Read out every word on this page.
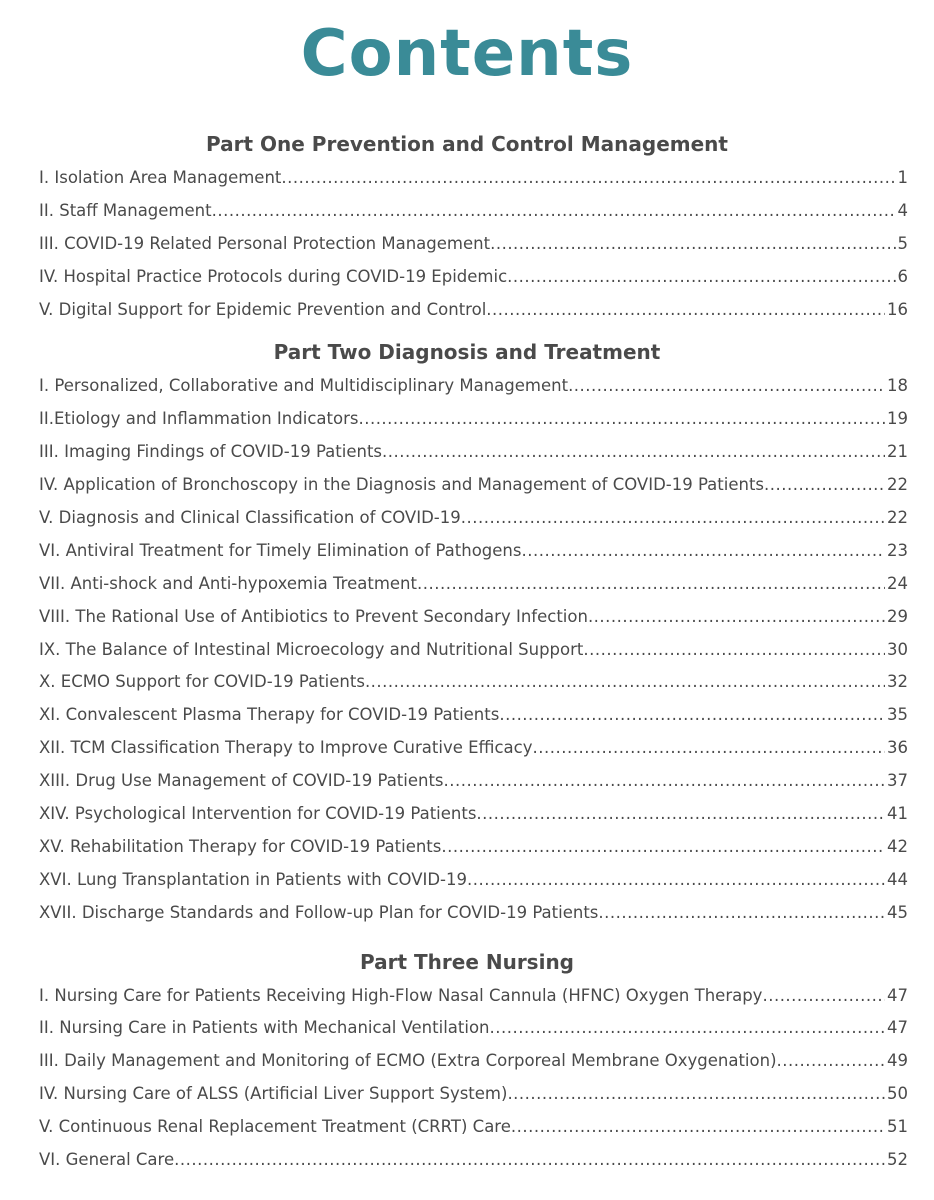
Contents
Part One Prevention and Control Management
I. Isolation Area Management .....	1
II. Staff Management .....	4
III. COVID-19 Related Personal Protection Management .....	5
IV. Hospital Practice Protocols during COVID-19 Epidemic .....	6
V. Digital Support for Epidemic Prevention and Control .....	16
Part Two Diagnosis and Treatment
I. Personalized, Collaborative and Multidisciplinary Management .....	18
II.Etiology and Inflammation Indicators .....	19
III. Imaging Findings of COVID-19 Patients .....	21
IV. Application of Bronchoscopy in the Diagnosis and Management of COVID-19 Patients .....	22
V. Diagnosis and Clinical Classification of COVID-19 .....	22
VI. Antiviral Treatment for Timely Elimination of Pathogens .....	23
VII. Anti-shock and Anti-hypoxemia Treatment .....	24
VIII. The Rational Use of Antibiotics to Prevent Secondary Infection .....	29
IX. The Balance of Intestinal Microecology and Nutritional Support .....	30
X. ECMO Support for COVID-19 Patients .....	32
XI. Convalescent Plasma Therapy for COVID-19 Patients .....	35
XII. TCM Classification Therapy to Improve Curative Efficacy .....	36
XIII. Drug Use Management of COVID-19 Patients .....	37
XIV. Psychological Intervention for COVID-19 Patients .....	41
XV. Rehabilitation Therapy for COVID-19 Patients .....	42
XVI. Lung Transplantation in Patients with COVID-19 .....	44
XVII. Discharge Standards and Follow-up Plan for COVID-19 Patients .....	45
Part Three Nursing
I. Nursing Care for Patients Receiving High-Flow Nasal Cannula (HFNC) Oxygen Therapy .....	47
II. Nursing Care in Patients with Mechanical Ventilation .....	47
III. Daily Management and Monitoring of ECMO (Extra Corporeal Membrane Oxygenation) .....	49
IV. Nursing Care of ALSS (Artificial Liver Support System) .....	50
V. Continuous Renal Replacement Treatment (CRRT) Care .....	51
VI. General Care .....	52
